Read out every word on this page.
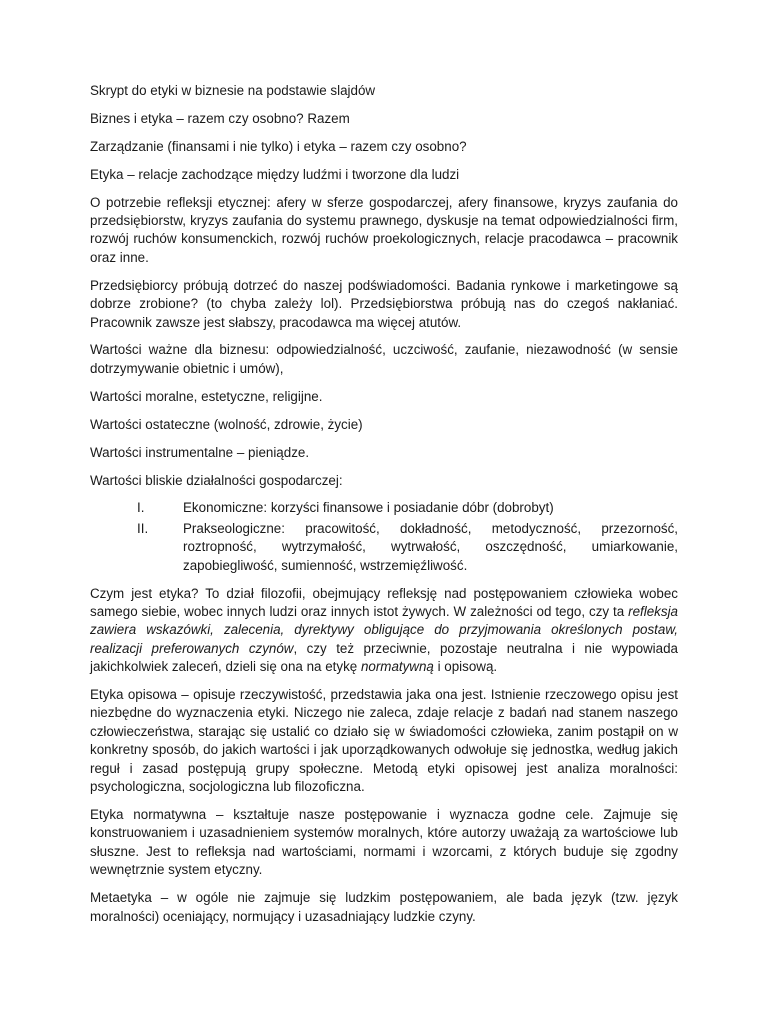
Skrypt do etyki w biznesie na podstawie slajdów

Biznes i etyka – razem czy osobno? Razem

Zarządzanie (finansami i nie tylko) i etyka – razem czy osobno?

Etyka – relacje zachodzące między ludźmi i tworzone dla ludzi

O potrzebie refleksji etycznej: afery w sferze gospodarczej, afery finansowe, kryzys zaufania do przedsiębiorstw, kryzys zaufania do systemu prawnego, dyskusje na temat odpowiedzialności firm, rozwój ruchów konsumenckich, rozwój ruchów proekologicznych, relacje pracodawca – pracownik oraz inne.

Przedsiębiorcy próbują dotrzeć do naszej podświadomości. Badania rynkowe i marketingowe są dobrze zrobione? (to chyba zależy lol). Przedsiębiorstwa próbują nas do czegoś nakłaniać. Pracownik zawsze jest słabszy, pracodawca ma więcej atutów.

Wartości ważne dla biznesu: odpowiedzialność, uczciwość, zaufanie, niezawodność (w sensie dotrzymywanie obietnic i umów),

Wartości moralne, estetyczne, religijne.

Wartości ostateczne (wolność, zdrowie, życie)

Wartości instrumentalne – pieniądze.

Wartości bliskie działalności gospodarczej:

I.	Ekonomiczne: korzyści finansowe i posiadanie dóbr (dobrobyt)
II.	Prakseologiczne: pracowitość, dokładność, metodyczność, przezorność, roztropność, wytrzymałość, wytrwałość, oszczędność, umiarkowanie, zapobiegliwość, sumienność, wstrzemięźliwość.

Czym jest etyka? To dział filozofii, obejmujący refleksję nad postępowaniem człowieka wobec samego siebie, wobec innych ludzi oraz innych istot żywych. W zależności od tego, czy ta refleksja zawiera wskazówki, zalecenia, dyrektywy obligujące do przyjmowania określonych postaw, realizacji preferowanych czynów, czy też przeciwnie, pozostaje neutralna i nie wypowiada jakichkolwiek zaleceń, dzieli się ona na etykę normatywną i opisową.

Etyka opisowa – opisuje rzeczywistość, przedstawia jaka ona jest. Istnienie rzeczowego opisu jest niezbędne do wyznaczenia etyki. Niczego nie zaleca, zdaje relacje z badań nad stanem naszego człowieczeństwa, starając się ustalić co działo się w świadomości człowieka, zanim postąpił on w konkretny sposób, do jakich wartości i jak uporządkowanych odwołuje się jednostka, według jakich reguł i zasad postępują grupy społeczne. Metodą etyki opisowej jest analiza moralności: psychologiczna, socjologiczna lub filozoficzna.

Etyka normatywna – kształtuje nasze postępowanie i wyznacza godne cele. Zajmuje się konstruowaniem i uzasadnieniem systemów moralnych, które autorzy uważają za wartościowe lub słuszne. Jest to refleksja nad wartościami, normami i wzorcami, z których buduje się zgodny wewnętrznie system etyczny.

Metaetyka – w ogóle nie zajmuje się ludzkim postępowaniem, ale bada język (tzw. język moralności) oceniający, normujący i uzasadniający ludzkie czyny.
